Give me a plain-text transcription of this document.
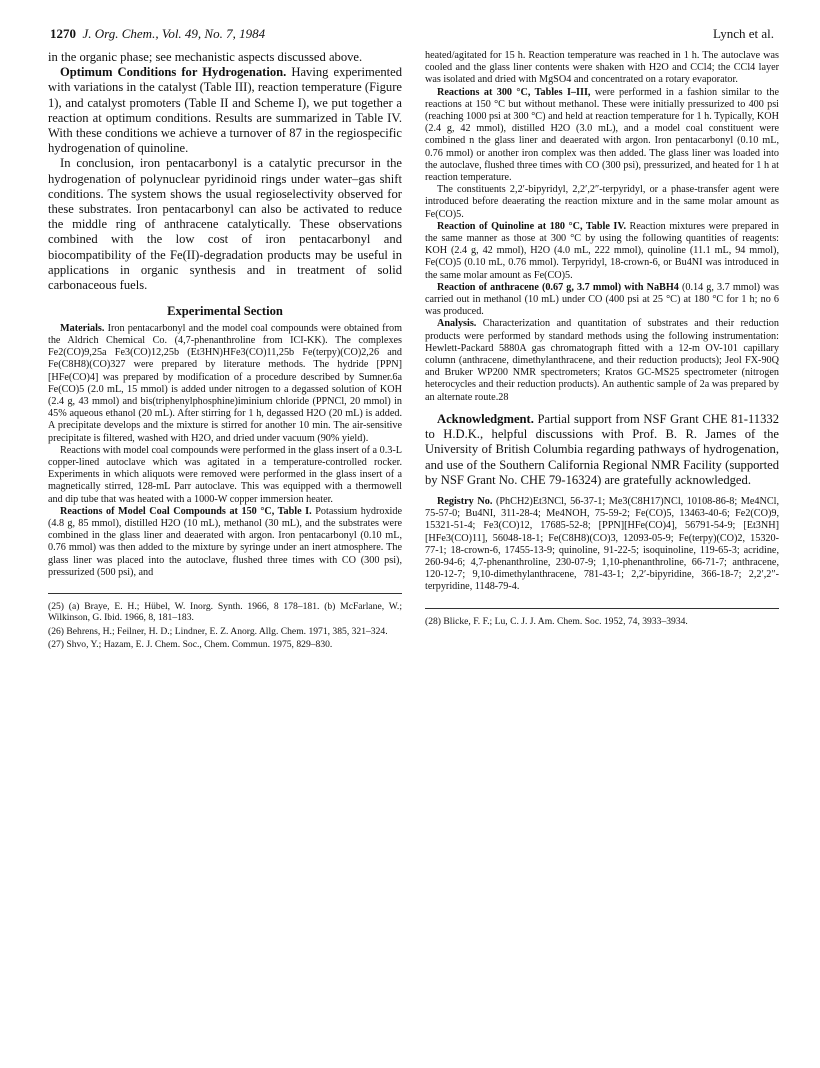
1270 J. Org. Chem., Vol. 49, No. 7, 1984	Lynch et al.

in the organic phase; see mechanistic aspects discussed above.

Optimum Conditions for Hydrogenation. Having experimented with variations in the catalyst (Table III), reaction temperature (Figure 1), and catalyst promoters (Table II and Scheme I), we put together a reaction at optimum conditions. Results are summarized in Table IV. With these conditions we achieve a turnover of 87 in the regiospecific hydrogenation of quinoline.

In conclusion, iron pentacarbonyl is a catalytic precursor in the hydrogenation of polynuclear pyridinoid rings under water–gas shift conditions. The system shows the usual regioselectivity observed for these substrates. Iron pentacarbonyl can also be activated to reduce the middle ring of anthracene catalytically. These observations combined with the low cost of iron pentacarbonyl and biocompatibility of the Fe(II)-degradation products may be useful in applications in organic synthesis and in treatment of solid carbonaceous fuels.

Experimental Section

Materials. Iron pentacarbonyl and the model coal compounds were obtained from the Aldrich Chemical Co. (4,7-phenanthroline from ICI-KK). The complexes Fe2(CO)9,25a Fe3(CO)12,25b (Et3HN)HFe3(CO)11,25b Fe(terpy)(CO)2,26 and Fe(C8H8)(CO)327 were prepared by literature methods. The hydride [PPN][HFe(CO)4] was prepared by modification of a procedure described by Sumner.6a Fe(CO)5 (2.0 mL, 15 mmol) is added under nitrogen to a degassed solution of KOH (2.4 g, 43 mmol) and bis(triphenylphosphine)iminium chloride (PPNCl, 20 mmol) in 45% aqueous ethanol (20 mL). After stirring for 1 h, degassed H2O (20 mL) is added. A precipitate develops and the mixture is stirred for another 10 min. The air-sensitive precipitate is filtered, washed with H2O, and dried under vacuum (90% yield).

Reactions with model coal compounds were performed in the glass insert of a 0.3-L copper-lined autoclave which was agitated in a temperature-controlled rocker. Experiments in which aliquots were removed were performed in the glass insert of a magnetically stirred, 128-mL Parr autoclave. This was equipped with a thermowell and dip tube that was heated with a 1000-W copper immersion heater.

Reactions of Model Coal Compounds at 150 °C, Table I. Potassium hydroxide (4.8 g, 85 mmol), distilled H2O (10 mL), methanol (30 mL), and the substrates were combined in the glass liner and deaerated with argon. Iron pentacarbonyl (0.10 mL, 0.76 mmol) was then added to the mixture by syringe under an inert atmosphere. The glass liner was placed into the autoclave, flushed three times with CO (300 psi), pressurized (500 psi), and

(25) (a) Braye, E. H.; Hübel, W. Inorg. Synth. 1966, 8 178–181. (b) McFarlane, W.; Wilkinson, G. Ibid. 1966, 8, 181–183.

(26) Behrens, H.; Feilner, H. D.; Lindner, E. Z. Anorg. Allg. Chem. 1971, 385, 321–324.

(27) Shvo, Y.; Hazam, E. J. Chem. Soc., Chem. Commun. 1975, 829–830.

heated/agitated for 15 h. Reaction temperature was reached in 1 h. The autoclave was cooled and the glass liner contents were shaken with H2O and CCl4; the CCl4 layer was isolated and dried with MgSO4 and concentrated on a rotary evaporator.

Reactions at 300 °C, Tables I–III, were performed in a fashion similar to the reactions at 150 °C but without methanol. These were initially pressurized to 400 psi (reaching 1000 psi at 300 °C) and held at reaction temperature for 1 h. Typically, KOH (2.4 g, 42 mmol), distilled H2O (3.0 mL), and a model coal constituent were combined n the glass liner and deaerated with argon. Iron pentacarbonyl (0.10 mL, 0.76 mmol) or another iron complex was then added. The glass liner was loaded into the autoclave, flushed three times with CO (300 psi), pressurized, and heated for 1 h at reaction temperature.

The constituents 2,2′-bipyridyl, 2,2′,2″-terpyridyl, or a phase-transfer agent were introduced before deaerating the reaction mixture and in the same molar amount as Fe(CO)5.

Reaction of Quinoline at 180 °C, Table IV. Reaction mixtures were prepared in the same manner as those at 300 °C by using the following quantities of reagents: KOH (2.4 g, 42 mmol), H2O (4.0 mL, 222 mmol), quinoline (11.1 mL, 94 mmol), Fe(CO)5 (0.10 mL, 0.76 mmol). Terpyridyl, 18-crown-6, or Bu4NI was introduced in the same molar amount as Fe(CO)5.

Reaction of anthracene (0.67 g, 3.7 mmol) with NaBH4 (0.14 g, 3.7 mmol) was carried out in methanol (10 mL) under CO (400 psi at 25 °C) at 180 °C for 1 h; no 6 was produced.

Analysis. Characterization and quantitation of substrates and their reduction products were performed by standard methods using the following instrumentation: Hewlett-Packard 5880A gas chromatograph fitted with a 12-m OV-101 capillary column (anthracene, dimethylanthracene, and their reduction products); Jeol FX-90Q and Bruker WP200 NMR spectrometers; Kratos GC-MS25 spectrometer (nitrogen heterocycles and their reduction products). An authentic sample of 2a was prepared by an alternate route.28

Acknowledgment. Partial support from NSF Grant CHE 81-11332 to H.D.K., helpful discussions with Prof. B. R. James of the University of British Columbia regarding pathways of hydrogenation, and use of the Southern California Regional NMR Facility (supported by NSF Grant No. CHE 79-16324) are gratefully acknowledged.

Registry No. (PhCH2)Et3NCl, 56-37-1; Me3(C8H17)NCl, 10108-86-8; Me4NCl, 75-57-0; Bu4NI, 311-28-4; Me4NOH, 75-59-2; Fe(CO)5, 13463-40-6; Fe2(CO)9, 15321-51-4; Fe3(CO)12, 17685-52-8; [PPN][HFe(CO)4], 56791-54-9; [Et3NH][HFe3(CO)11], 56048-18-1; Fe(C8H8)(CO)3, 12093-05-9; Fe(terpy)(CO)2, 15320-77-1; 18-crown-6, 17455-13-9; quinoline, 91-22-5; isoquinoline, 119-65-3; acridine, 260-94-6; 4,7-phenanthroline, 230-07-9; 1,10-phenanthroline, 66-71-7; anthracene, 120-12-7; 9,10-dimethylanthracene, 781-43-1; 2,2′-bipyridine, 366-18-7; 2,2′,2″-terpyridine, 1148-79-4.

(28) Blicke, F. F.; Lu, C. J. J. Am. Chem. Soc. 1952, 74, 3933–3934.
